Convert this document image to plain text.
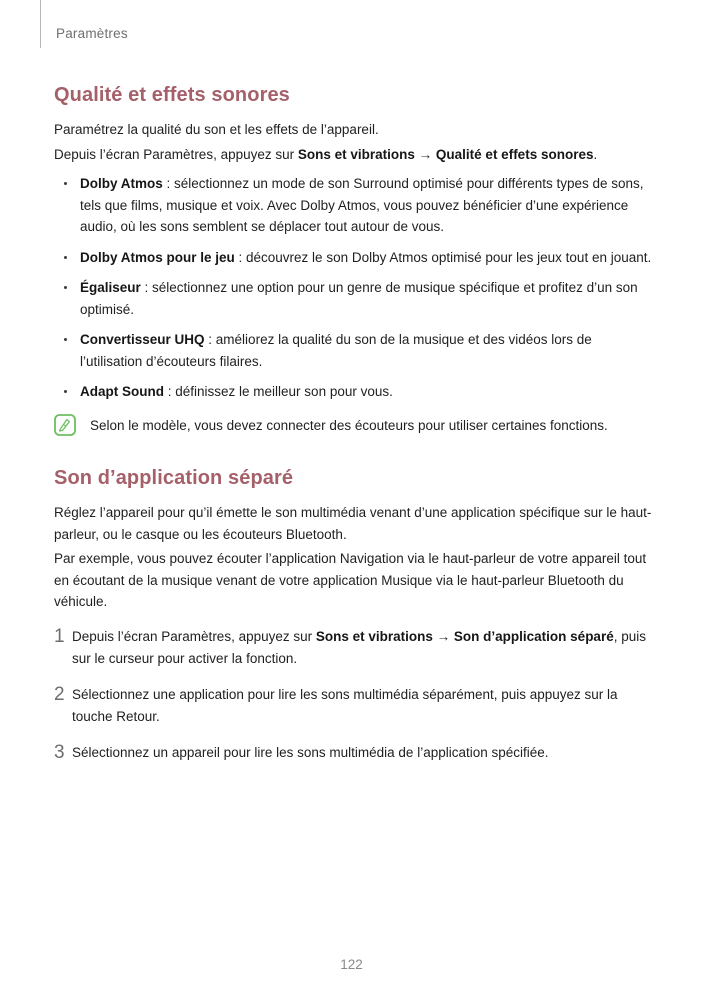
Paramètres
Qualité et effets sonores

Paramétrez la qualité du son et les effets de l’appareil.

Depuis l’écran Paramètres, appuyez sur Sons et vibrations → Qualité et effets sonores.

Dolby Atmos : sélectionnez un mode de son Surround optimisé pour différents types de sons, tels que films, musique et voix. Avec Dolby Atmos, vous pouvez bénéficier d’une expérience audio, où les sons semblent se déplacer tout autour de vous.
Dolby Atmos pour le jeu : découvrez le son Dolby Atmos optimisé pour les jeux tout en jouant.
Égaliseur : sélectionnez une option pour un genre de musique spécifique et profitez d’un son optimisé.
Convertisseur UHQ : améliorez la qualité du son de la musique et des vidéos lors de l’utilisation d’écouteurs filaires.
Adapt Sound : définissez le meilleur son pour vous.
Selon le modèle, vous devez connecter des écouteurs pour utiliser certaines fonctions.
Son d’application séparé

Réglez l’appareil pour qu’il émette le son multimédia venant d’une application spécifique sur le haut-parleur, ou le casque ou les écouteurs Bluetooth.

Par exemple, vous pouvez écouter l’application Navigation via le haut-parleur de votre appareil tout en écoutant de la musique venant de votre application Musique via le haut-parleur Bluetooth du véhicule.

1 Depuis l’écran Paramètres, appuyez sur Sons et vibrations → Son d’application séparé, puis sur le curseur pour activer la fonction.
2 Sélectionnez une application pour lire les sons multimédia séparément, puis appuyez sur la touche Retour.
3 Sélectionnez un appareil pour lire les sons multimédia de l’application spécifiée.
122
